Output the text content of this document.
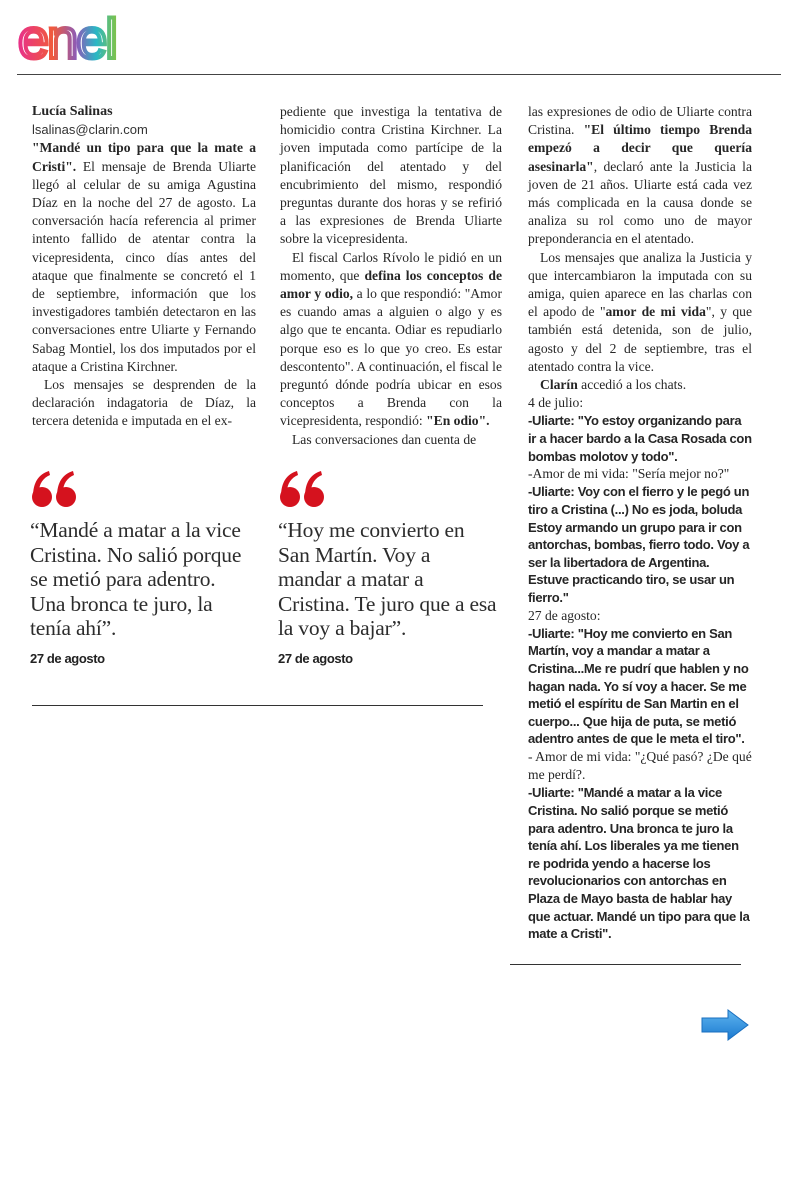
enel

Lucía Salinas

lsalinas@clarin.com

"Mandé un tipo para que la mate a Cristi". El mensaje de Brenda Uliarte llegó al celular de su amiga Agustina Díaz en la noche del 27 de agosto. La conversación hacía referencia al primer intento fallido de atentar contra la vicepresidenta, cinco días antes del ataque que finalmente se concretó el 1 de septiembre, información que los investigadores también detectaron en las conversaciones entre Uliarte y Fernando Sabag Montiel, los dos imputados por el ataque a Cristina Kirchner.

Los mensajes se desprenden de la declaración indagatoria de Díaz, la tercera detenida e imputada en el ex-

pediente que investiga la tentativa de homicidio contra Cristina Kirchner. La joven imputada como partícipe de la planificación del atentado y del encubrimiento del mismo, respondió preguntas durante dos horas y se refirió a las expresiones de Brenda Uliarte sobre la vicepresidenta.

El fiscal Carlos Rívolo le pidió en un momento, que defina los conceptos de amor y odio, a lo que respondió: "Amor es cuando amas a alguien o algo y es algo que te encanta. Odiar es repudiarlo porque eso es lo que yo creo. Es estar descontento". A continuación, el fiscal le preguntó dónde podría ubicar en esos conceptos a Brenda con la vicepresidenta, respondió: "En odio".

Las conversaciones dan cuenta de

las expresiones de odio de Uliarte contra Cristina. "El último tiempo Brenda empezó a decir que quería asesinarla", declaró ante la Justicia la joven de 21 años. Uliarte está cada vez más complicada en la causa donde se analiza su rol como uno de mayor preponderancia en el atentado.

Los mensajes que analiza la Justicia y que intercambiaron la imputada con su amiga, quien aparece en las charlas con el apodo de "amor de mi vida", y que también está detenida, son de julio, agosto y del 2 de septiembre, tras el atentado contra la vice.

Clarín accedió a los chats.

4 de julio:

-Uliarte: "Yo estoy organizando para ir a hacer bardo a la Casa Rosada con bombas molotov y todo".

-Amor de mi vida: "Sería mejor no?"

-Uliarte: Voy con el fierro y le pegó un tiro a Cristina (...) No es joda, boluda Estoy armando un grupo para ir con antorchas, bombas, fierro todo. Voy a ser la libertadora de Argentina. Estuve practicando tiro, se usar un fierro."

27 de agosto:

-Uliarte: "Hoy me convierto en San Martín, voy a mandar a matar a Cristina...Me re pudrí que hablen y no hagan nada. Yo sí voy a hacer. Se me metió el espíritu de San Martin en el cuerpo... Que hija de puta, se metió adentro antes de que le meta el tiro".

- Amor de mi vida: "¿Qué pasó? ¿De qué me perdí?.

-Uliarte: "Mandé a matar a la vice Cristina. No salió porque se metió para adentro. Una bronca te juro la tenía ahí. Los liberales ya me tienen re podrida yendo a hacerse los revolucionarios con antorchas en Plaza de Mayo basta de hablar hay que actuar. Mandé un tipo para que la mate a Cristi".

“Mandé a matar a la vice Cristina. No salió porque se metió para adentro. Una bronca te juro, la tenía ahí”.

27 de agosto

“Hoy me convierto en San Martín. Voy a mandar a matar a Cristina. Te juro que a esa la voy a bajar”.

27 de agosto
